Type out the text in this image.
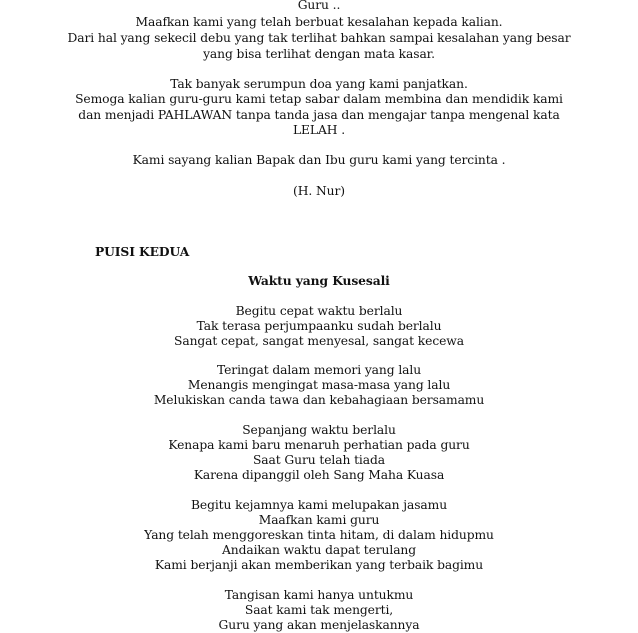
Guru ..
Maafkan kami yang telah berbuat kesalahan kepada kalian.
Dari hal yang sekecil debu yang tak terlihat bahkan sampai kesalahan yang besar
yang bisa terlihat dengan mata kasar.
Tak banyak serumpun doa yang kami panjatkan.
Semoga kalian guru-guru kami tetap sabar dalam membina dan mendidik kami
dan menjadi PAHLAWAN tanpa tanda jasa dan mengajar tanpa mengenal kata
LELAH .
Kami sayang kalian Bapak dan Ibu guru kami yang tercinta .
(H. Nur)
PUISI KEDUA
Waktu yang Kusesali
Begitu cepat waktu berlalu
Tak terasa perjumpaanku sudah berlalu
Sangat cepat, sangat menyesal, sangat kecewa
Teringat dalam memori yang lalu
Menangis mengingat masa-masa yang lalu
Melukiskan canda tawa dan kebahagiaan bersamamu
Sepanjang waktu berlalu
Kenapa kami baru menaruh perhatian pada guru
Saat Guru telah tiada
Karena dipanggil oleh Sang Maha Kuasa
Begitu kejamnya kami melupakan jasamu
Maafkan kami guru
Yang telah menggoreskan tinta hitam, di dalam hidupmu
Andaikan waktu dapat terulang
Kami berjanji akan memberikan yang terbaik bagimu
Tangisan kami hanya untukmu
Saat kami tak mengerti,
Guru yang akan menjelaskannya
